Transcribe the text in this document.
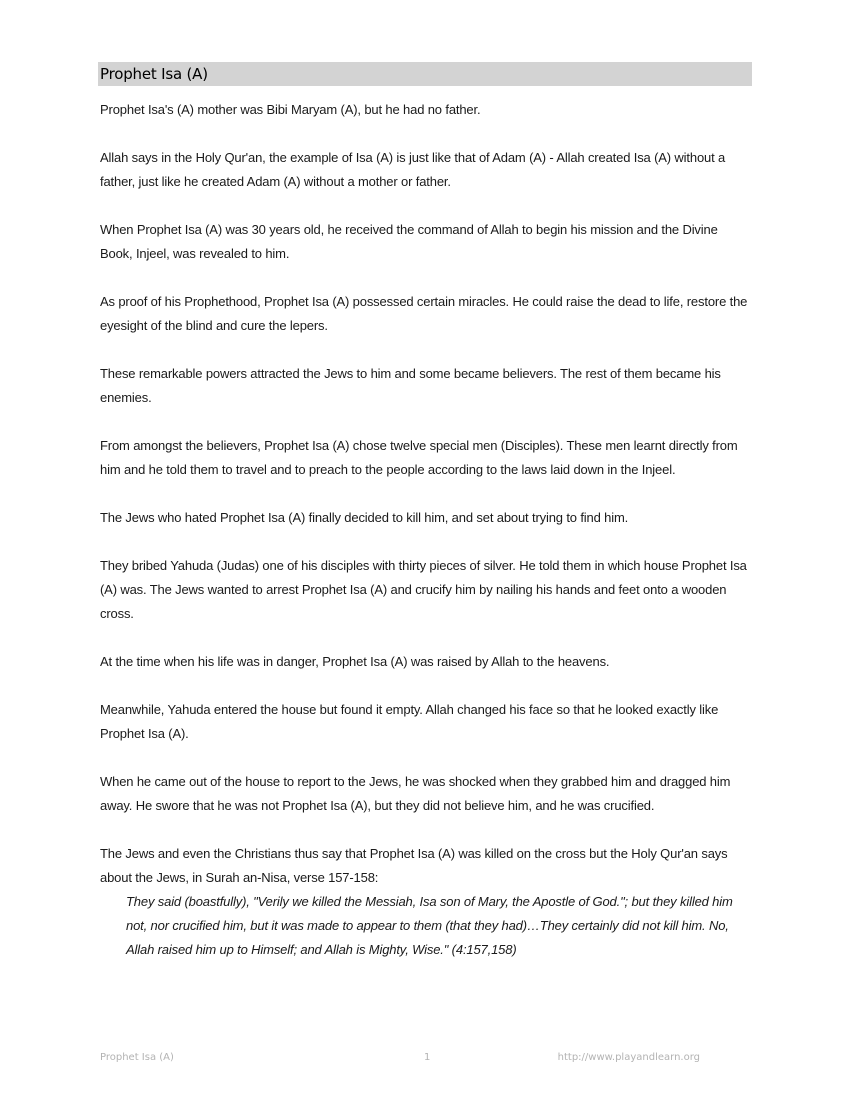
Prophet Isa (A)

Prophet Isa's (A) mother was Bibi Maryam (A), but he had no father.

Allah says in the Holy Qur'an, the example of Isa (A) is just like that of Adam (A) - Allah created Isa (A) without a father, just like he created Adam (A) without a mother or father.

When Prophet Isa (A) was 30 years old, he received the command of Allah to begin his mission and the Divine Book, Injeel, was revealed to him.

As proof of his Prophethood, Prophet Isa (A) possessed certain miracles. He could raise the dead to life, restore the eyesight of the blind and cure the lepers.

These remarkable powers attracted the Jews to him and some became believers. The rest of them became his enemies.

From amongst the believers, Prophet Isa (A) chose twelve special men (Disciples). These men learnt directly from him and he told them to travel and to preach to the people according to the laws laid down in the Injeel.

The Jews who hated Prophet Isa (A) finally decided to kill him, and set about trying to find him.

They bribed Yahuda (Judas) one of his disciples with thirty pieces of silver. He told them in which house Prophet Isa (A) was. The Jews wanted to arrest Prophet Isa (A) and crucify him by nailing his hands and feet onto a wooden cross.

At the time when his life was in danger, Prophet Isa (A) was raised by Allah to the heavens.

Meanwhile, Yahuda entered the house but found it empty. Allah changed his face so that he looked exactly like Prophet Isa (A).

When he came out of the house to report to the Jews, he was shocked when they grabbed him and dragged him away. He swore that he was not Prophet Isa (A), but they did not believe him, and he was crucified.

The Jews and even the Christians thus say that Prophet Isa (A) was killed on the cross but the Holy Qur'an says about the Jews, in Surah an-Nisa, verse 157-158:

They said (boastfully), "Verily we killed the Messiah, Isa son of Mary, the Apostle of God."; but they killed him not, nor crucified him, but it was made to appear to them (that they had)…They certainly did not kill him. No, Allah raised him up to Himself; and Allah is Mighty, Wise." (4:157,158)

Prophet Isa (A)	1	http://www.playandlearn.org
